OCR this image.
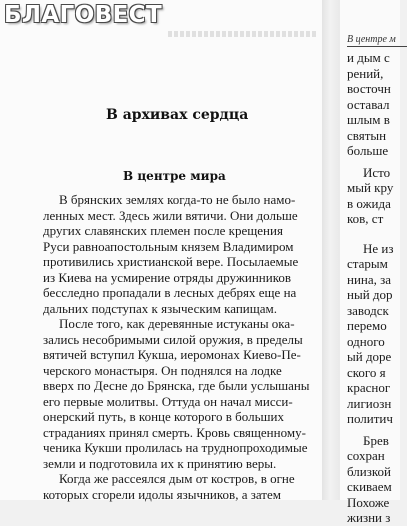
БЛАГОВЕСТ
В архивах сердца
В центре мира
В брянских землях когда-то не было намо-
ленных мест. Здесь жили вятичи. Они дольше
других славянских племен после крещения
Руси равноапостольным князем Владимиром
противились христианской вере. Посылаемые
из Киева на усмирение отряды дружинников
бесследно пропадали в лесных дебрях еще на
дальних подступах к языческим капищам.
После того, как деревянные истуканы ока-
зались несобримыми силой оружия, в пределы
вятичей вступил Кукша, иеромонах Киево-Пе-
черского монастыря. Он поднялся на лодке
вверх по Десне до Брянска, где были услышаны
его первые молитвы. Оттуда он начал мисси-
онерский путь, в конце которого в больших
страданиях принял смерть. Кровь священному-
ченика Кукши пролилась на труднопроходимые
земли и подготовила их к принятию веры.
Когда же рассеялся дым от костров, в огне
которых сгорели идолы язычников, а затем
В центре м
и дым с
рений,
восточн
оставал
шлым в
святын
больше
Исто
мый кру
в ожида
ков, ст
Не из
старым
нина, за
ный дор
заводск
перемо
одного
ый доре
ского я
красног
лигиозн
политич
Брев
сохран
близкой
скиваем
Похоже
жизни з
